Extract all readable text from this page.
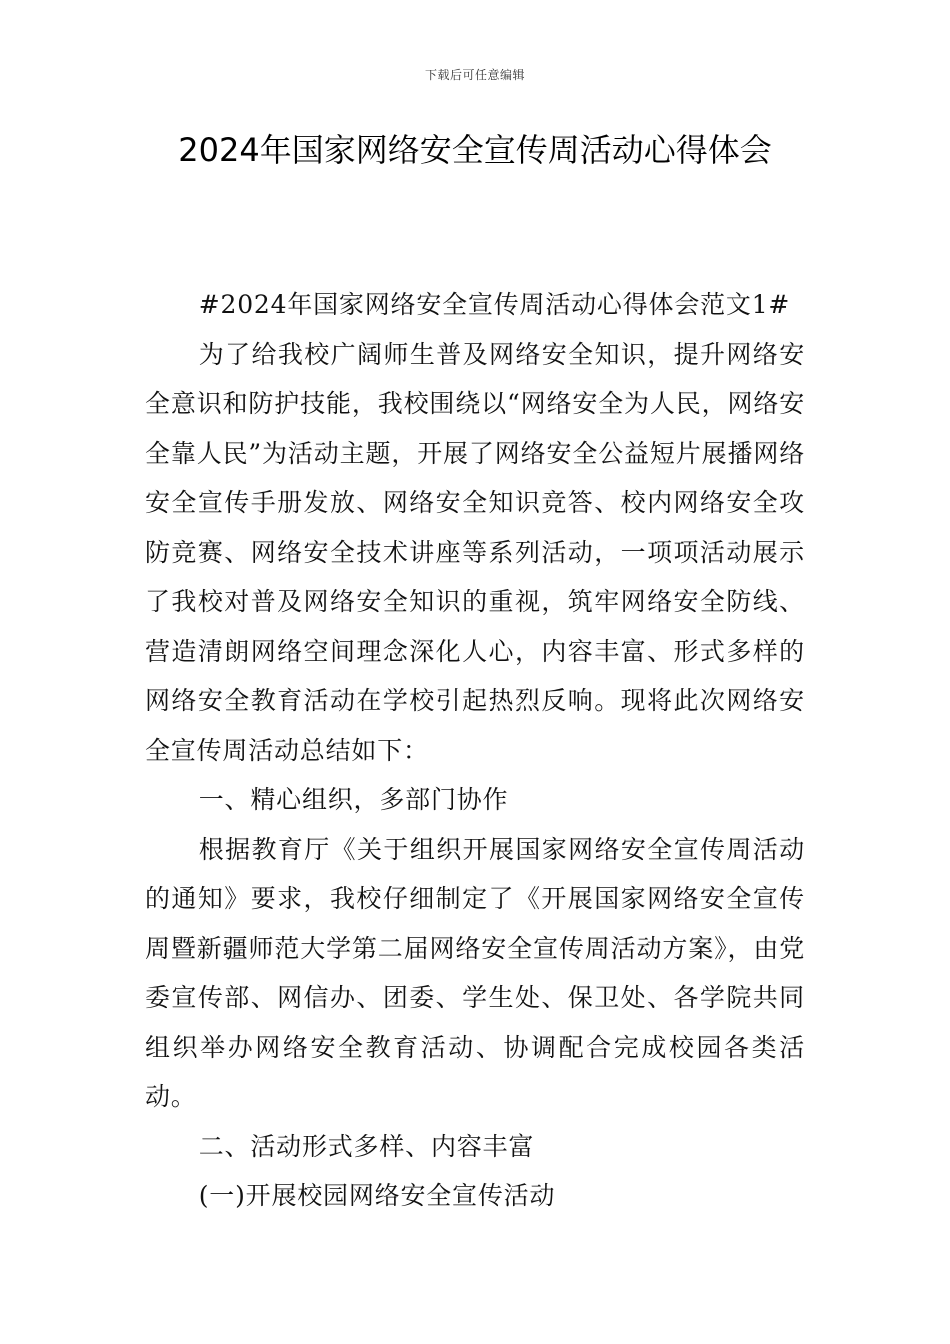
下载后可任意编辑
2024年国家网络安全宣传周活动心得体会

#2024年国家网络安全宣传周活动心得体会范文1#

为了给我校广阔师生普及网络安全知识，提升网络安全意识和防护技能，我校围绕以“网络安全为人民，网络安全靠人民”为活动主题，开展了网络安全公益短片展播网络安全宣传手册发放、网络安全知识竞答、校内网络安全攻防竞赛、网络安全技术讲座等系列活动，一项项活动展示了我校对普及网络安全知识的重视，筑牢网络安全防线、营造清朗网络空间理念深化人心，内容丰富、形式多样的网络安全教育活动在学校引起热烈反响。现将此次网络安全宣传周活动总结如下：

一、精心组织，多部门协作

根据教育厅《关于组织开展国家网络安全宣传周活动的通知》要求，我校仔细制定了《开展国家网络安全宣传周暨新疆师范大学第二届网络安全宣传周活动方案》，由党委宣传部、网信办、团委、学生处、保卫处、各学院共同组织举办网络安全教育活动、协调配合完成校园各类活动。

二、活动形式多样、内容丰富

(一)开展校园网络安全宣传活动
